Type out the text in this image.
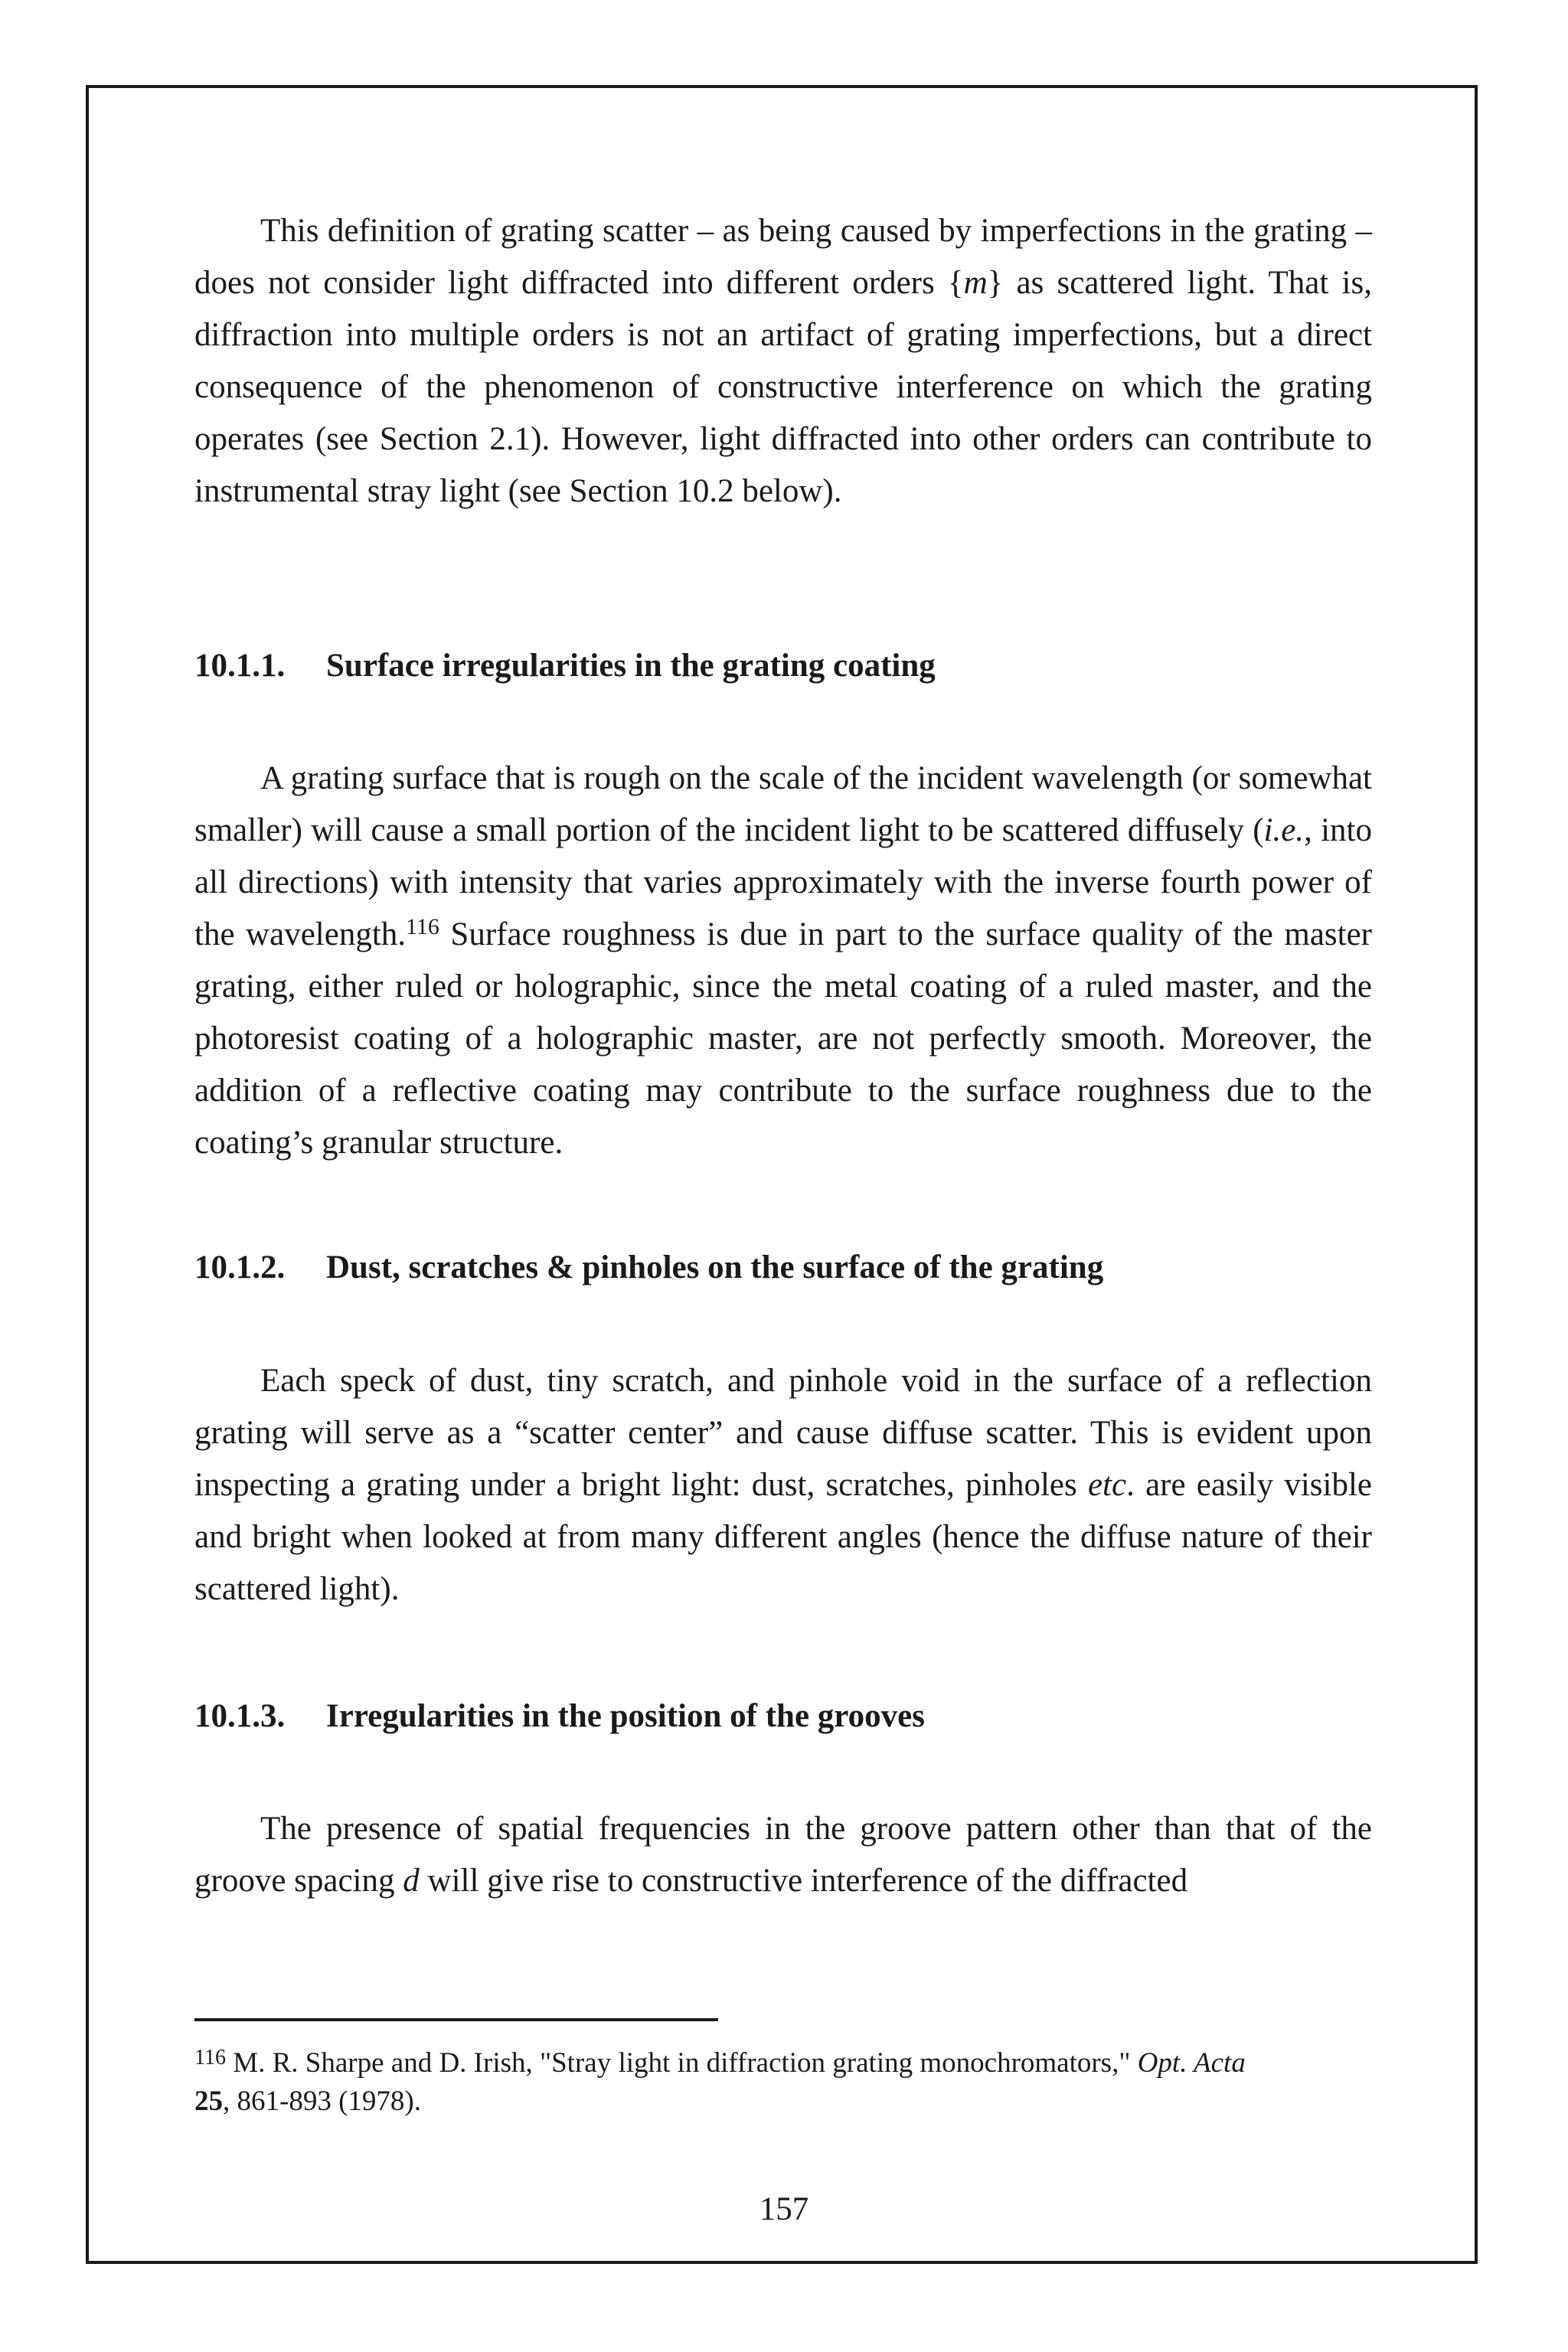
This definition of grating scatter – as being caused by imperfections in the grating – does not consider light diffracted into different orders {m} as scattered light. That is, diffraction into multiple orders is not an artifact of grating imperfections, but a direct consequence of the phenomenon of constructive interference on which the grating operates (see Section 2.1). However, light diffracted into other orders can contribute to instrumental stray light (see Section 10.2 below).

10.1.1. Surface irregularities in the grating coating

A grating surface that is rough on the scale of the incident wavelength (or somewhat smaller) will cause a small portion of the incident light to be scattered diffusely (i.e., into all directions) with intensity that varies approximately with the inverse fourth power of the wavelength.$^{116}$ Surface roughness is due in part to the surface quality of the master grating, either ruled or holographic, since the metal coating of a ruled master, and the photoresist coating of a holographic master, are not perfectly smooth. Moreover, the addition of a reflective coating may contribute to the surface roughness due to the coating’s granular structure.

10.1.2. Dust, scratches & pinholes on the surface of the grating

Each speck of dust, tiny scratch, and pinhole void in the surface of a reflection grating will serve as a “scatter center” and cause diffuse scatter. This is evident upon inspecting a grating under a bright light: dust, scratches, pinholes etc. are easily visible and bright when looked at from many different angles (hence the diffuse nature of their scattered light).

10.1.3. Irregularities in the position of the grooves

The presence of spatial frequencies in the groove pattern other than that of the groove spacing d will give rise to constructive interference of the diffracted

$^{116}$ M. R. Sharpe and D. Irish, "Stray light in diffraction grating monochromators," Opt. Acta
25, 861-893 (1978).

157
